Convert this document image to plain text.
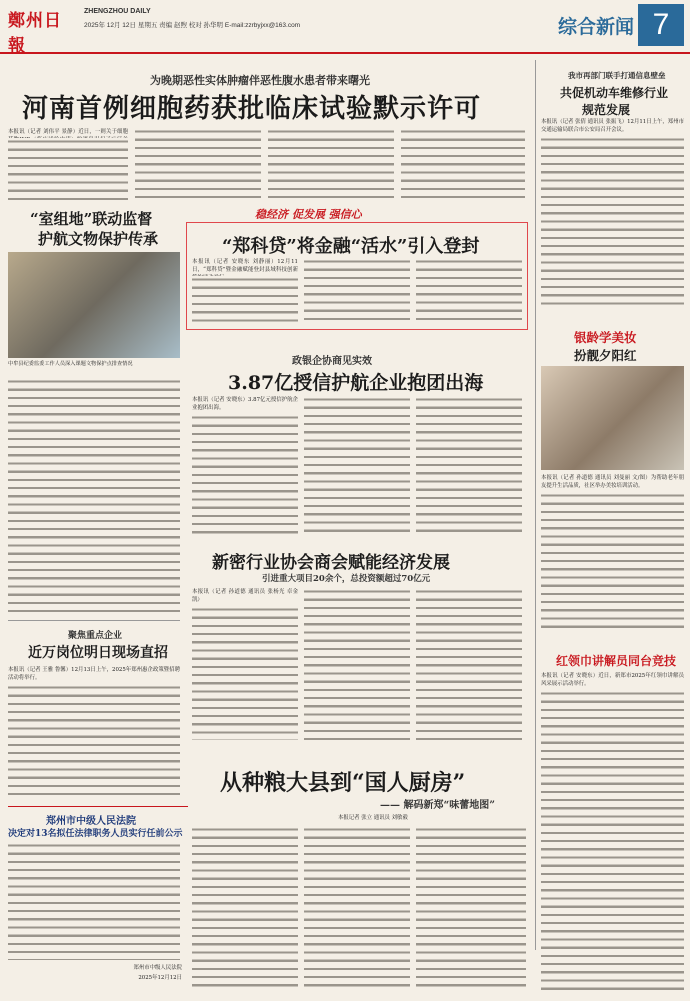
鄭州日報
ZHENGZHOU DAILY
2025年 12月 12日 星期五 责编 赵煦 校对 孙华明 E-mail:zzrbyjxx@163.com	综合新闻 7
为晚期恶性实体肿瘤伴恶性腹水患者带来曙光
河南首例细胞药获批临床试验默示许可
本报讯（记者 刘伟平 景静）近日，一则关于细胞
稳经济 促发展 强信心
“室组地”联动监督
护航文物保护传承
中牟县纪委监委工作人员深入课题文物保护点排查情况
“郑科贷”将金融“活水”引入登封
本报讯（记者 安晓东 刘静丽）12月11日，“郑科贷”暨金融赋能登封县域科技创新
政银企协商见实效
3.87亿授信护航企业抱团出海
本报讯（记者 安晓东）3.87亿元授信护航企业抱团出海。
新密行业协会商会赋能经济发展
引进重大项目20余个，总投资额超过70亿元
本报讯（记者 孙道德 通讯员 张杨光 卓金凯）
聚焦重点企业
近万岗位明日现场直招
本报讯（记者 王雅 鲁馨）12月13日上午，2025年郑州惠企政策暨招聘活动将举行。
郑州市中级人民法院
决定对13名拟任法律职务人员实行任前公示
郑州市中级人民法院
2025年12月12日
从种粮大县到“国人厨房”
—— 解码新郑“味蕾地图”
本报记者 张立 通讯员 刘敏毅
我市再部门联手打通信息壁垒
共促机动车维修行业
规范发展
本报讯（记者 张倩 通讯员 张振飞）12月11日上午，郑州市交通运输局联合市公安局召开会议。
银龄学美妆
扮靓夕阳红
本报讯（记者 孙道德 通讯员 刘曼丽 文/图）为帮助老年朋友提升生活品质，社区举办美妆培训活动。
红领巾讲解员同台竞技
本报讯（记者 安晓东）近日，新郑市2025年红领巾讲解员风采展示活动举行。
